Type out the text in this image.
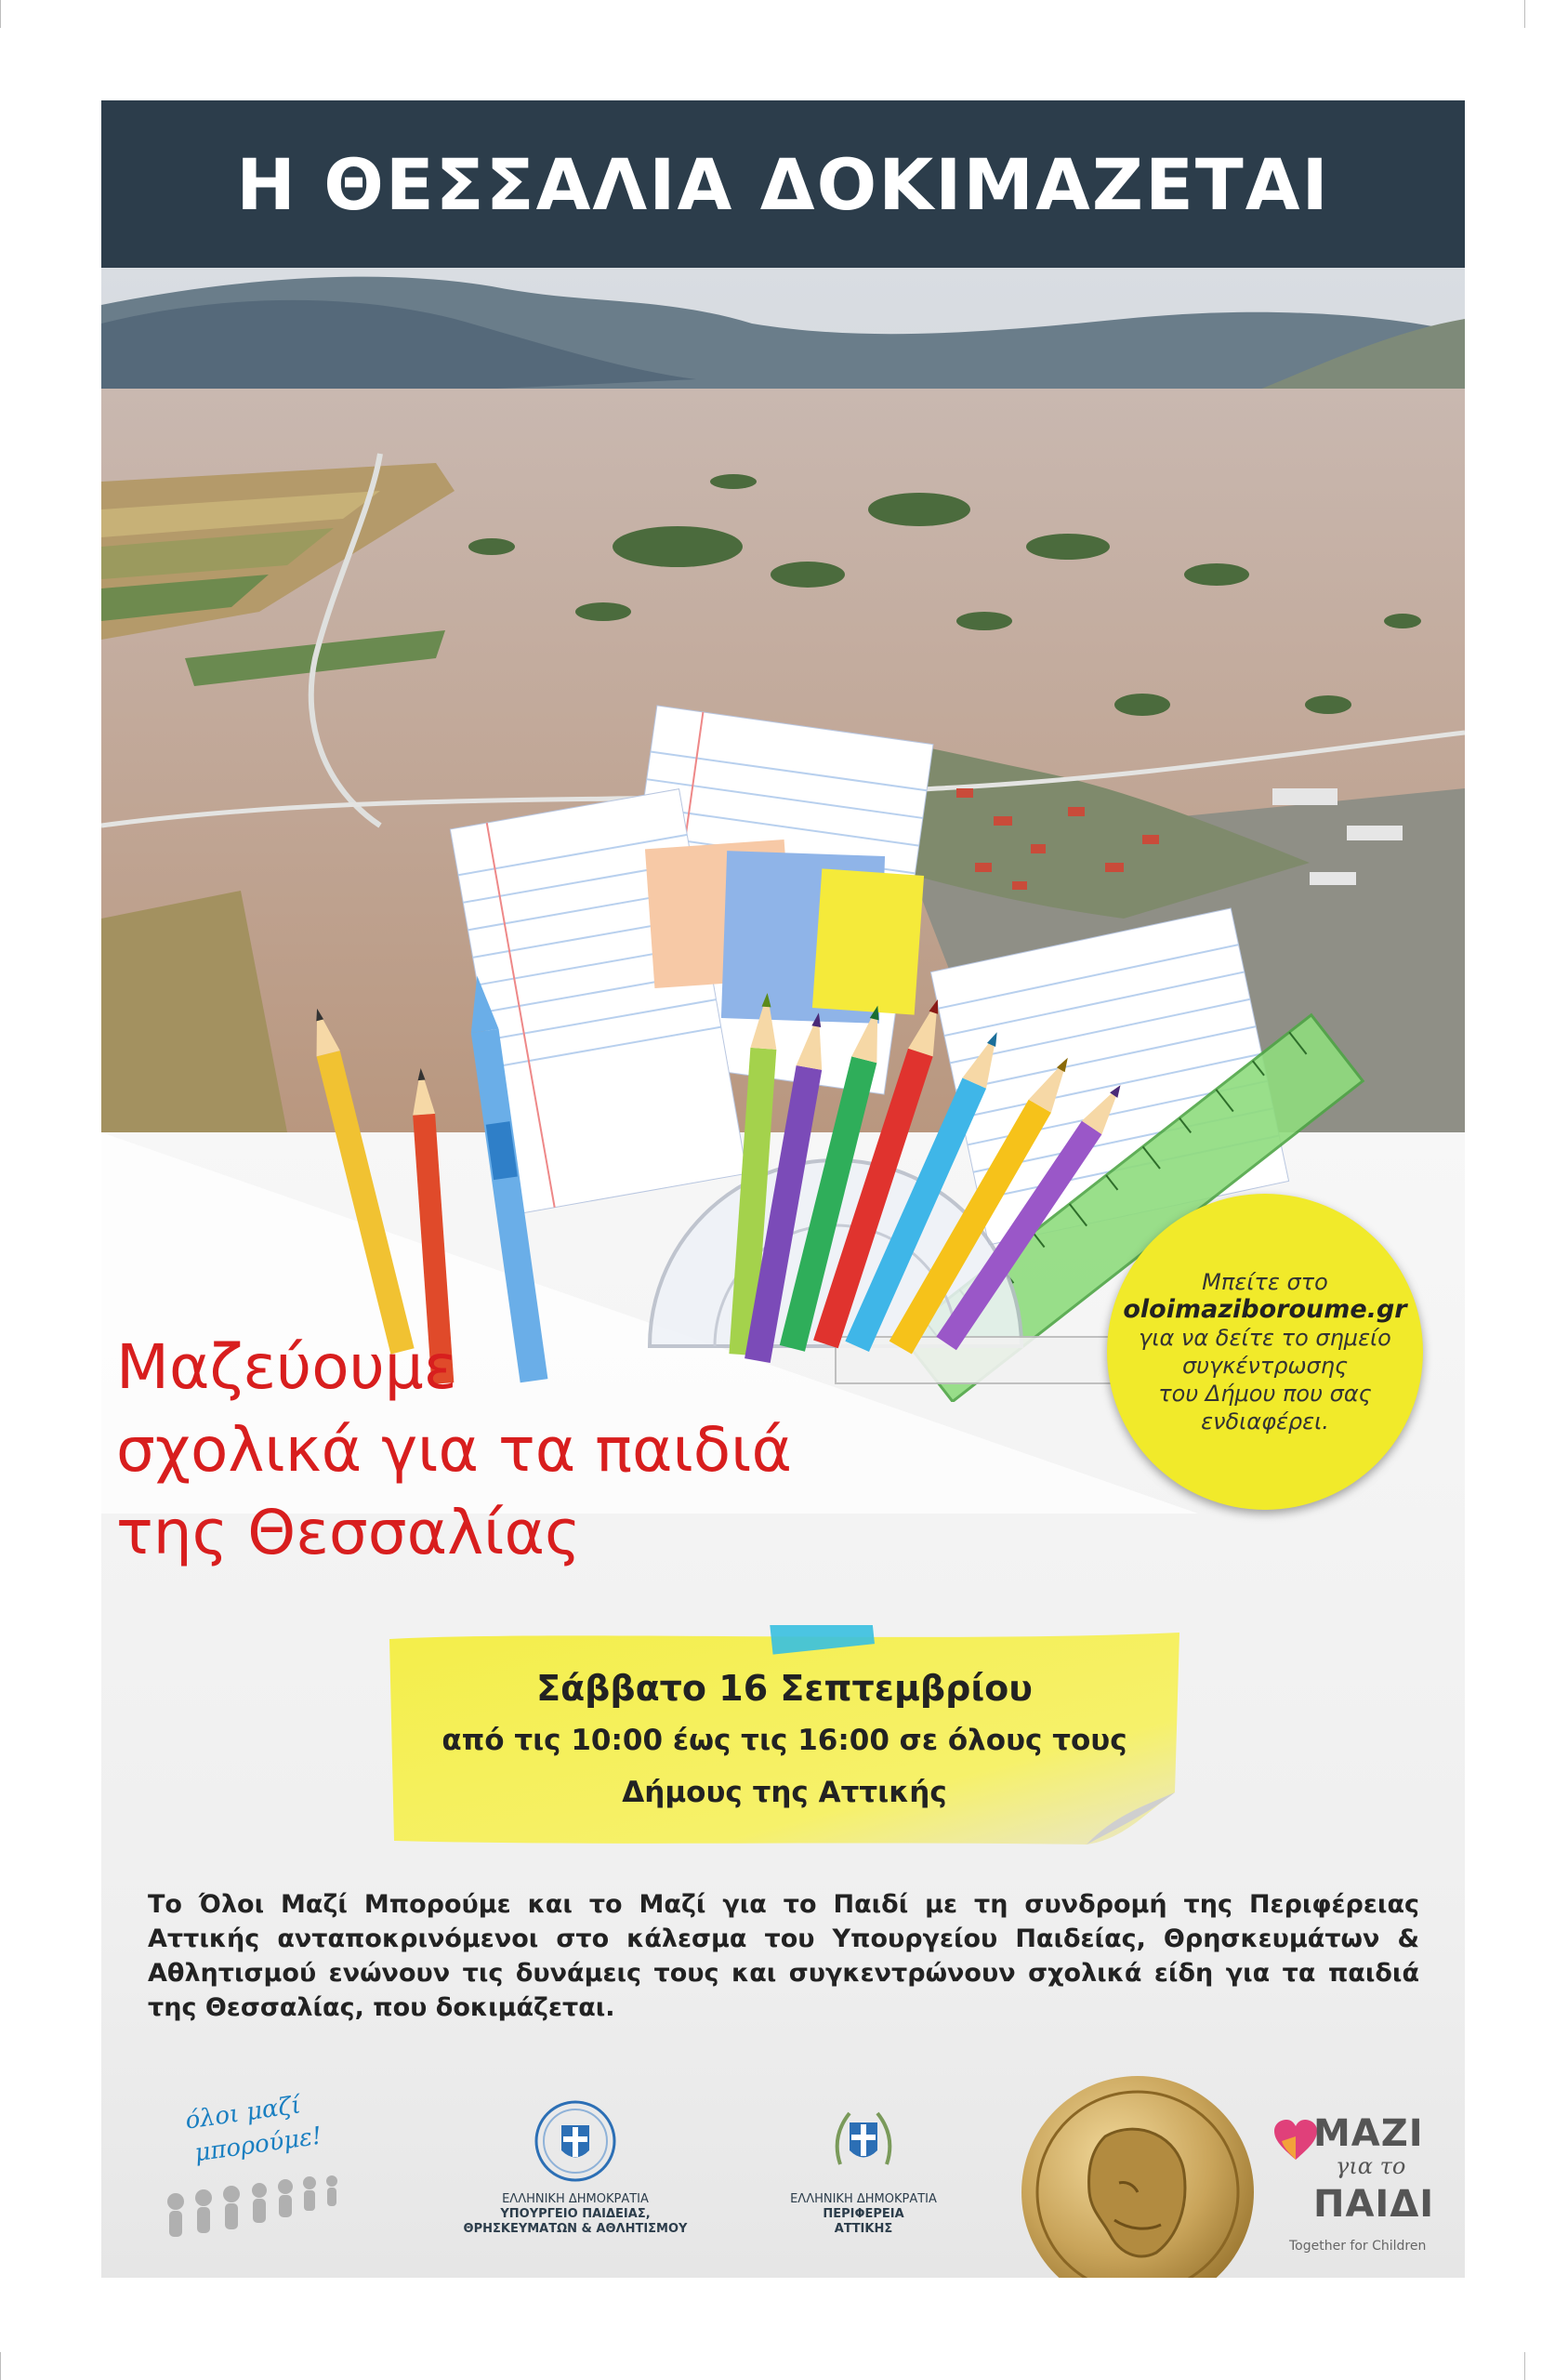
Η ΘΕΣΣΑΛΙΑ ΔΟΚΙΜΑΖΕΤΑΙ
Μπείτε στο
oloimaziboroume.gr
για να δείτε το σημείο
συγκέντρωσης
του Δήμου που σας
ενδιαφέρει.
Μαζεύουμε
σχολικά για τα παιδιά
της Θεσσαλίας
Σάββατο 16 Σεπτεμβρίου
από τις 10:00 έως τις 16:00 σε όλους τους
Δήμους της Αττικής
Το Όλοι Μαζί Μπορούμε και το Μαζί για το Παιδί με τη συνδρομή της Περιφέρειας Αττικής ανταποκρινόμενοι στο κάλεσμα του Υπουργείου Παιδείας, Θρησκευμάτων & Αθλητισμού ενώνουν τις δυνάμεις τους και συγκεντρώνουν σχολικά είδη για τα παιδιά της Θεσσαλίας, που δοκιμάζεται.
όλοι μαζί
μπορούμε!
ΕΛΛΗΝΙΚΗ ΔΗΜΟΚΡΑΤΙΑ
ΥΠΟΥΡΓΕΙΟ ΠΑΙΔΕΙΑΣ,
ΘΡΗΣΚΕΥΜΑΤΩΝ & ΑΘΛΗΤΙΣΜΟΥ
ΕΛΛΗΝΙΚΗ ΔΗΜΟΚΡΑΤΙΑ
ΠΕΡΙΦΕΡΕΙΑ
ΑΤΤΙΚΗΣ
ΜΑΖΙ
για το
ΠΑΙΔΙ
Together for Children
